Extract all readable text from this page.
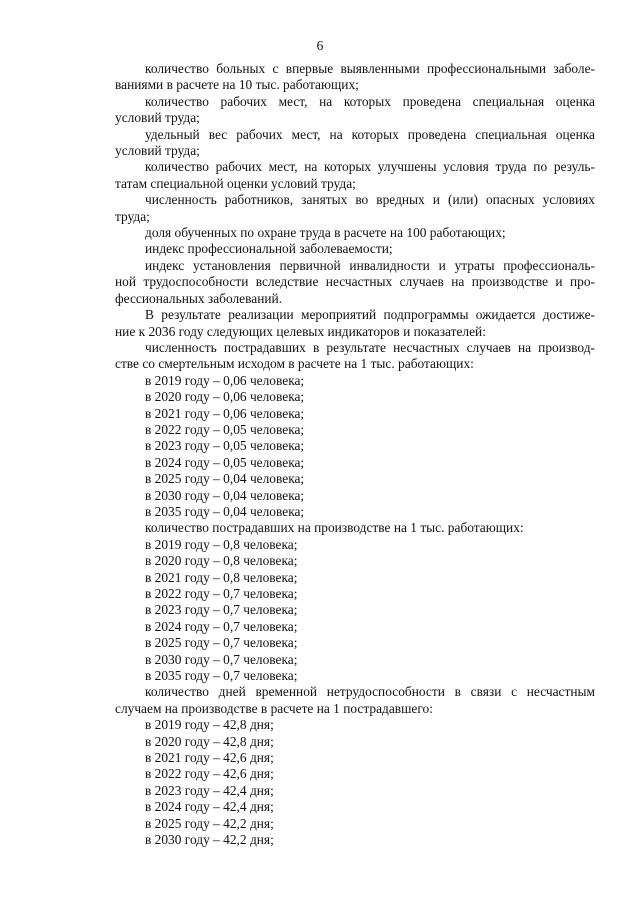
6

количество больных с впервые выявленными профессиональными заболе-
ваниями в расчете на 10 тыс. работающих;

количество рабочих мест, на которых проведена специальная оценка
условий труда;

удельный вес рабочих мест, на которых проведена специальная оценка
условий труда;

количество рабочих мест, на которых улучшены условия труда по резуль-
татам специальной оценки условий труда;

численность работников, занятых во вредных и (или) опасных условиях
труда;

доля обученных по охране труда в расчете на 100 работающих;

индекс профессиональной заболеваемости;

индекс установления первичной инвалидности и утраты профессиональ-
ной трудоспособности вследствие несчастных случаев на производстве и про-
фессиональных заболеваний.

В результате реализации мероприятий подпрограммы ожидается достиже-
ние к 2036 году следующих целевых индикаторов и показателей:

численность пострадавших в результате несчастных случаев на производ-
стве со смертельным исходом в расчете на 1 тыс. работающих:

в 2019 году – 0,06 человека;
в 2020 году – 0,06 человека;
в 2021 году – 0,06 человека;
в 2022 году – 0,05 человека;
в 2023 году – 0,05 человека;
в 2024 году – 0,05 человека;
в 2025 году – 0,04 человека;
в 2030 году – 0,04 человека;
в 2035 году – 0,04 человека;

количество пострадавших на производстве на 1 тыс. работающих:

в 2019 году – 0,8 человека;
в 2020 году – 0,8 человека;
в 2021 году – 0,8 человека;
в 2022 году – 0,7 человека;
в 2023 году – 0,7 человека;
в 2024 году – 0,7 человека;
в 2025 году – 0,7 человека;
в 2030 году – 0,7 человека;
в 2035 году – 0,7 человека;

количество дней временной нетрудоспособности в связи с несчастным
случаем на производстве в расчете на 1 пострадавшего:

в 2019 году – 42,8 дня;
в 2020 году – 42,8 дня;
в 2021 году – 42,6 дня;
в 2022 году – 42,6 дня;
в 2023 году – 42,4 дня;
в 2024 году – 42,4 дня;
в 2025 году – 42,2 дня;
в 2030 году – 42,2 дня;
